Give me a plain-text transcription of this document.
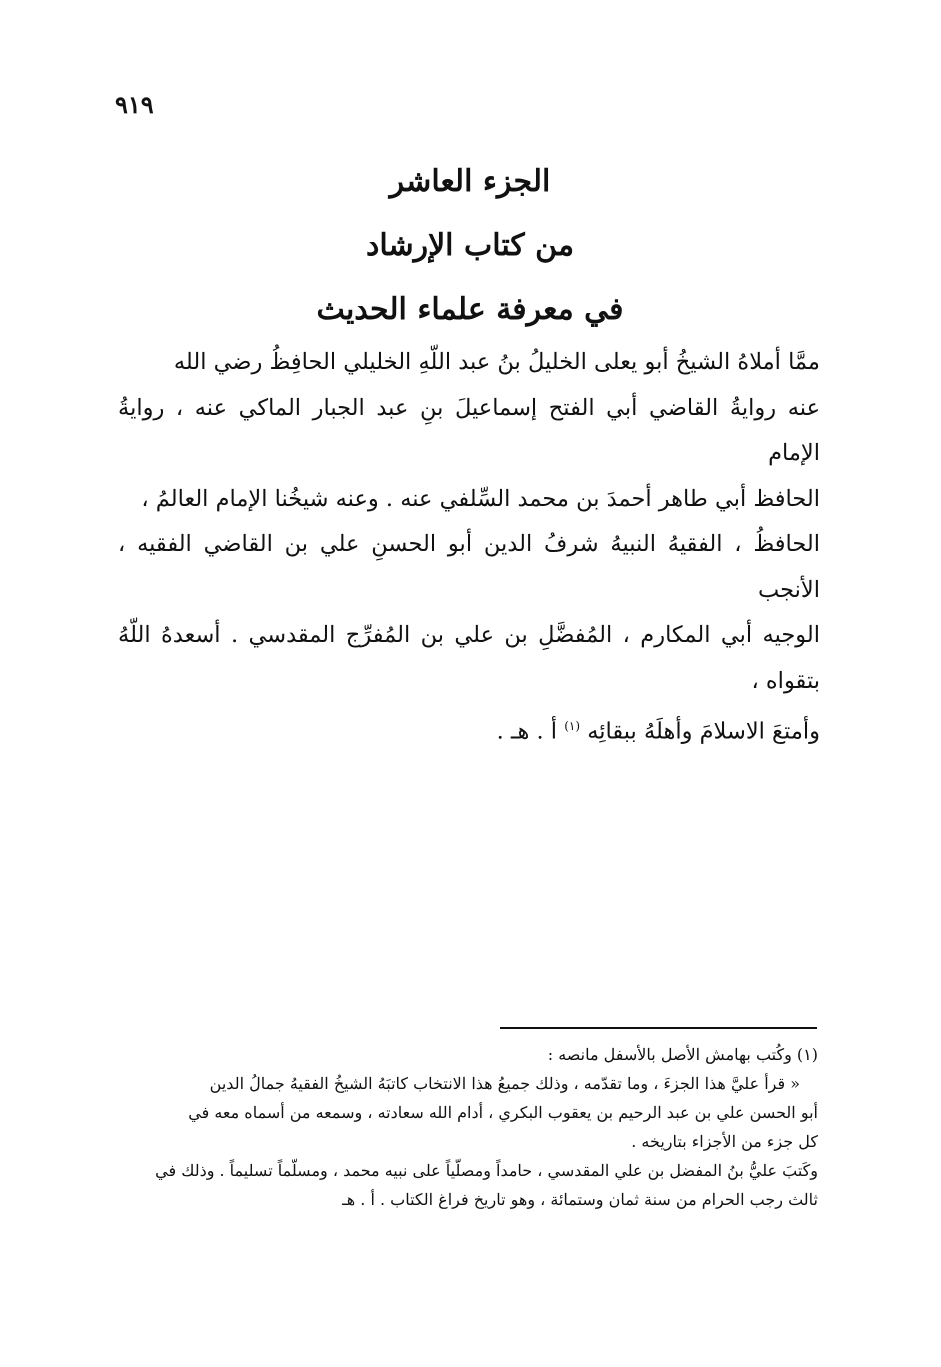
٩١٩
الجزء العاشر
من كتاب الإرشاد
في معرفة علماء الحديث
ممَّا أملاهُ الشيخُ أبو يعلى الخليلُ بنُ عبد اللّهِ الخليلي الحافِظُ رضي الله
عنه روايةُ القاضي أبي الفتح إسماعيلَ بنِ عبد الجبار الماكي عنه ، روايةُ الإمام
الحافظ أبي طاهر أحمدَ بن محمد السِّلفي عنه . وعنه شيخُنا الإمام العالمُ ،
الحافظُ ، الفقيهُ النبيهُ شرفُ الدين أبو الحسنِ علي بن القاضي الفقيه ، الأنجب
الوجيه أبي المكارم ، المُفضَّلِ بن علي بن المُفرِّج المقدسي . أسعدهُ اللّهُ بتقواه ،
وأمتعَ الاسلامَ وأهلَهُ ببقائِه $^{(١)}$ أ . هـ .
(١) وكُتب بهامش الأصل بالأسفل مانصه :
« قرأ عليَّ هذا الجزءَ ، وما تقدّمه ، وذلك جميعُ هذا الانتخاب كاتبَهُ الشيخُ الفقيهُ جمالُ الدين
أبو الحسن علي بن عبد الرحيم بن يعقوب البكري ، أدام الله سعادته ، وسمعه من أسماه معه في
كل جزء من الأجزاء بتاريخه .
وكَتبَ عليُّ بنُ المفضل بن علي المقدسي ، حامداً ومصلّياً على نبيه محمد ، ومسلّماً تسليماً . وذلك في
ثالث رجب الحرام من سنة ثمان وستمائة ، وهو تاريخ فراغ الكتاب . أ . هـ
